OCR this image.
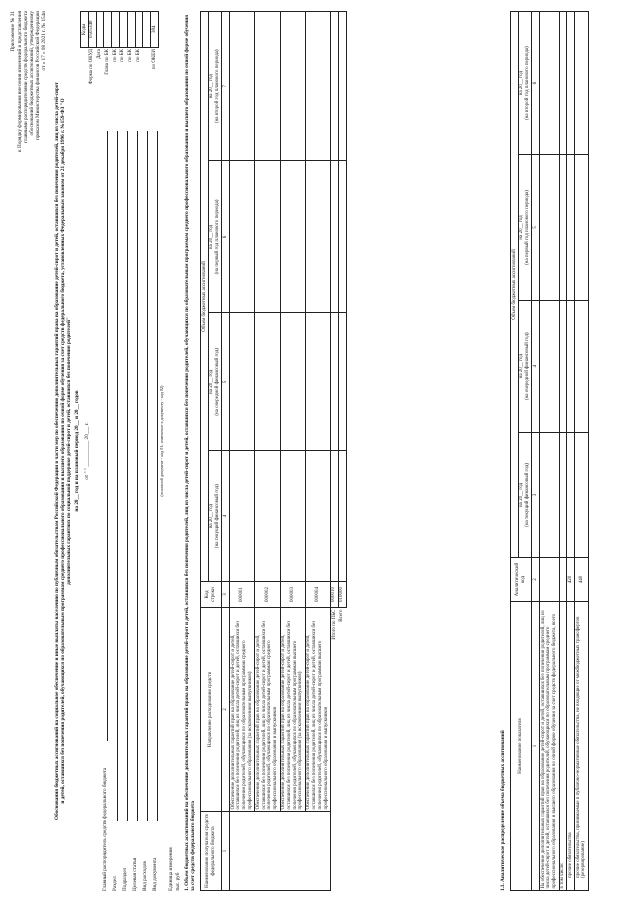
Приложение № 31 к Порядку формирования внесения изменений и представления главными распорядителями средств федерального бюджета обоснований бюджетных ассигнований, утвержденному приказом Министерства финансов Российской Федерации от « 17 » 08 2021 г. № 154н
Обоснования бюджетных ассигнований на социальное обеспечение и иные выплаты населению по публичным обязательствам Российской Федерации в части мер по обеспечению дополнительных гарантий права на образование детей-сирот и детей, оставшихся без попечения родителей, лиц из числа детей-сирот и детей, оставшихся без попечения родителей, обучающихся по образовательным программам среднего профессионального образования и высшего образования по очной форме обучения за счет средств федерального бюджета, установленных Федеральным законом от 21 декабря 1996 г. №159-ФЗ "О дополнительных гарантиях по социальной поддержке детей-сирот и детей, оставшихся без попечения родителей" на 20__ год и на плановый период 20__ и 20__ годов от " " __________ 20___ г.
	Коды
Форма по ОКУД	0505348
Дата	
Глава по БК	
по БК	
по БК	
по БК	
по БК	

по ОКЕИ	384
Главный распорядитель средств федерального бюджета Раздел Подраздел Целевая статья Вид расходов Вид документа
(основной документ - код 01; изменение к документу - код 02)
Единица измерения тыс. руб 1. Объем бюджетных ассигнований на обеспечение дополнительных гарантий права на образование детей-сирот и детей, оставшихся без попечения родителей, лиц из числа детей-сирот и детей, оставшихся без попечения родителей, обучающихся по образовательным программам среднего профессионального образования и высшего образования по очной форме обучения за счет средств федерального бюджета Наименование получателя средств федерального бюджета	Направление расходования средств	Код строки	Объем бюджетных ассигнований			
			на 20__ год
(на текущий финансовый год)	на 20__ год
(на очередной финансовый год)	на 20__ год
(на первый год планового периода)	на 20__ год
(на второй год планового периода)
1	2	3	4	5	6	7
	Обеспечение дополнительных гарантий прав на образование детей-сирот и детей, оставшихся без попечения родителей, лиц из числа детей-сирот и детей, оставшихся без попечения родителей, обучающихся по образовательным программам среднего профессионального образования (за исключением выпускников)	000001				
	Обеспечение дополнительных гарантий прав на образование детей-сирот и детей, оставшихся без попечения родителей, лиц из числа детей-сирот и детей, оставшихся без попечения родителей, обучающихся по образовательным программам среднего профессионального образования и выпускников	000002				
	Обеспечение дополнительных гарантий прав на образование детей-сирот и детей, оставшихся без попечения родителей, лиц из числа детей-сирот и детей, оставшихся без попечения родителей, обучающихся по образовательным программам высшего профессионального образования (за исключением выпускников)	000003				
	Обеспечение дополнительных гарантий прав на образование детей-сирот и детей, оставшихся без попечения родителей, лиц из числа детей-сирот и детей, оставшихся без попечения родителей, обучающихся по образовательным программам высшего профессионального образования и выпускников	000004				
Итого по ПБС		000010				
Всего		010000				
1.1. Аналитическое распределение объема бюджетных ассигнований Наименование показателя	Аналитический код	Объем бюджетных ассигнований			
		на 20__ год
(на текущий финансовый год)	на 20__ год
(на очередной финансовый год)	на 20__ год
(на первый год планового периода)	на 20__ год
(на второй год планового периода)
1	2	3	4	5	6
На обеспечение дополнительных гарантий прав на образование детей-сирот и детей, оставшихся без попечения родителей, лиц из числа детей-сирот и детей, оставшихся без попечения родителей, обучающихся по образовательным программам среднего профессионального образования и высшего образования по очной форме обучения за счет средств федерального бюджета, всего					
в том числе:					
прочие обязательства	420				
прочие обязательства, принимаемые в публично-нормативные обязательства, не входящие от межбюджетных трансфертов (резервирование)	440				
